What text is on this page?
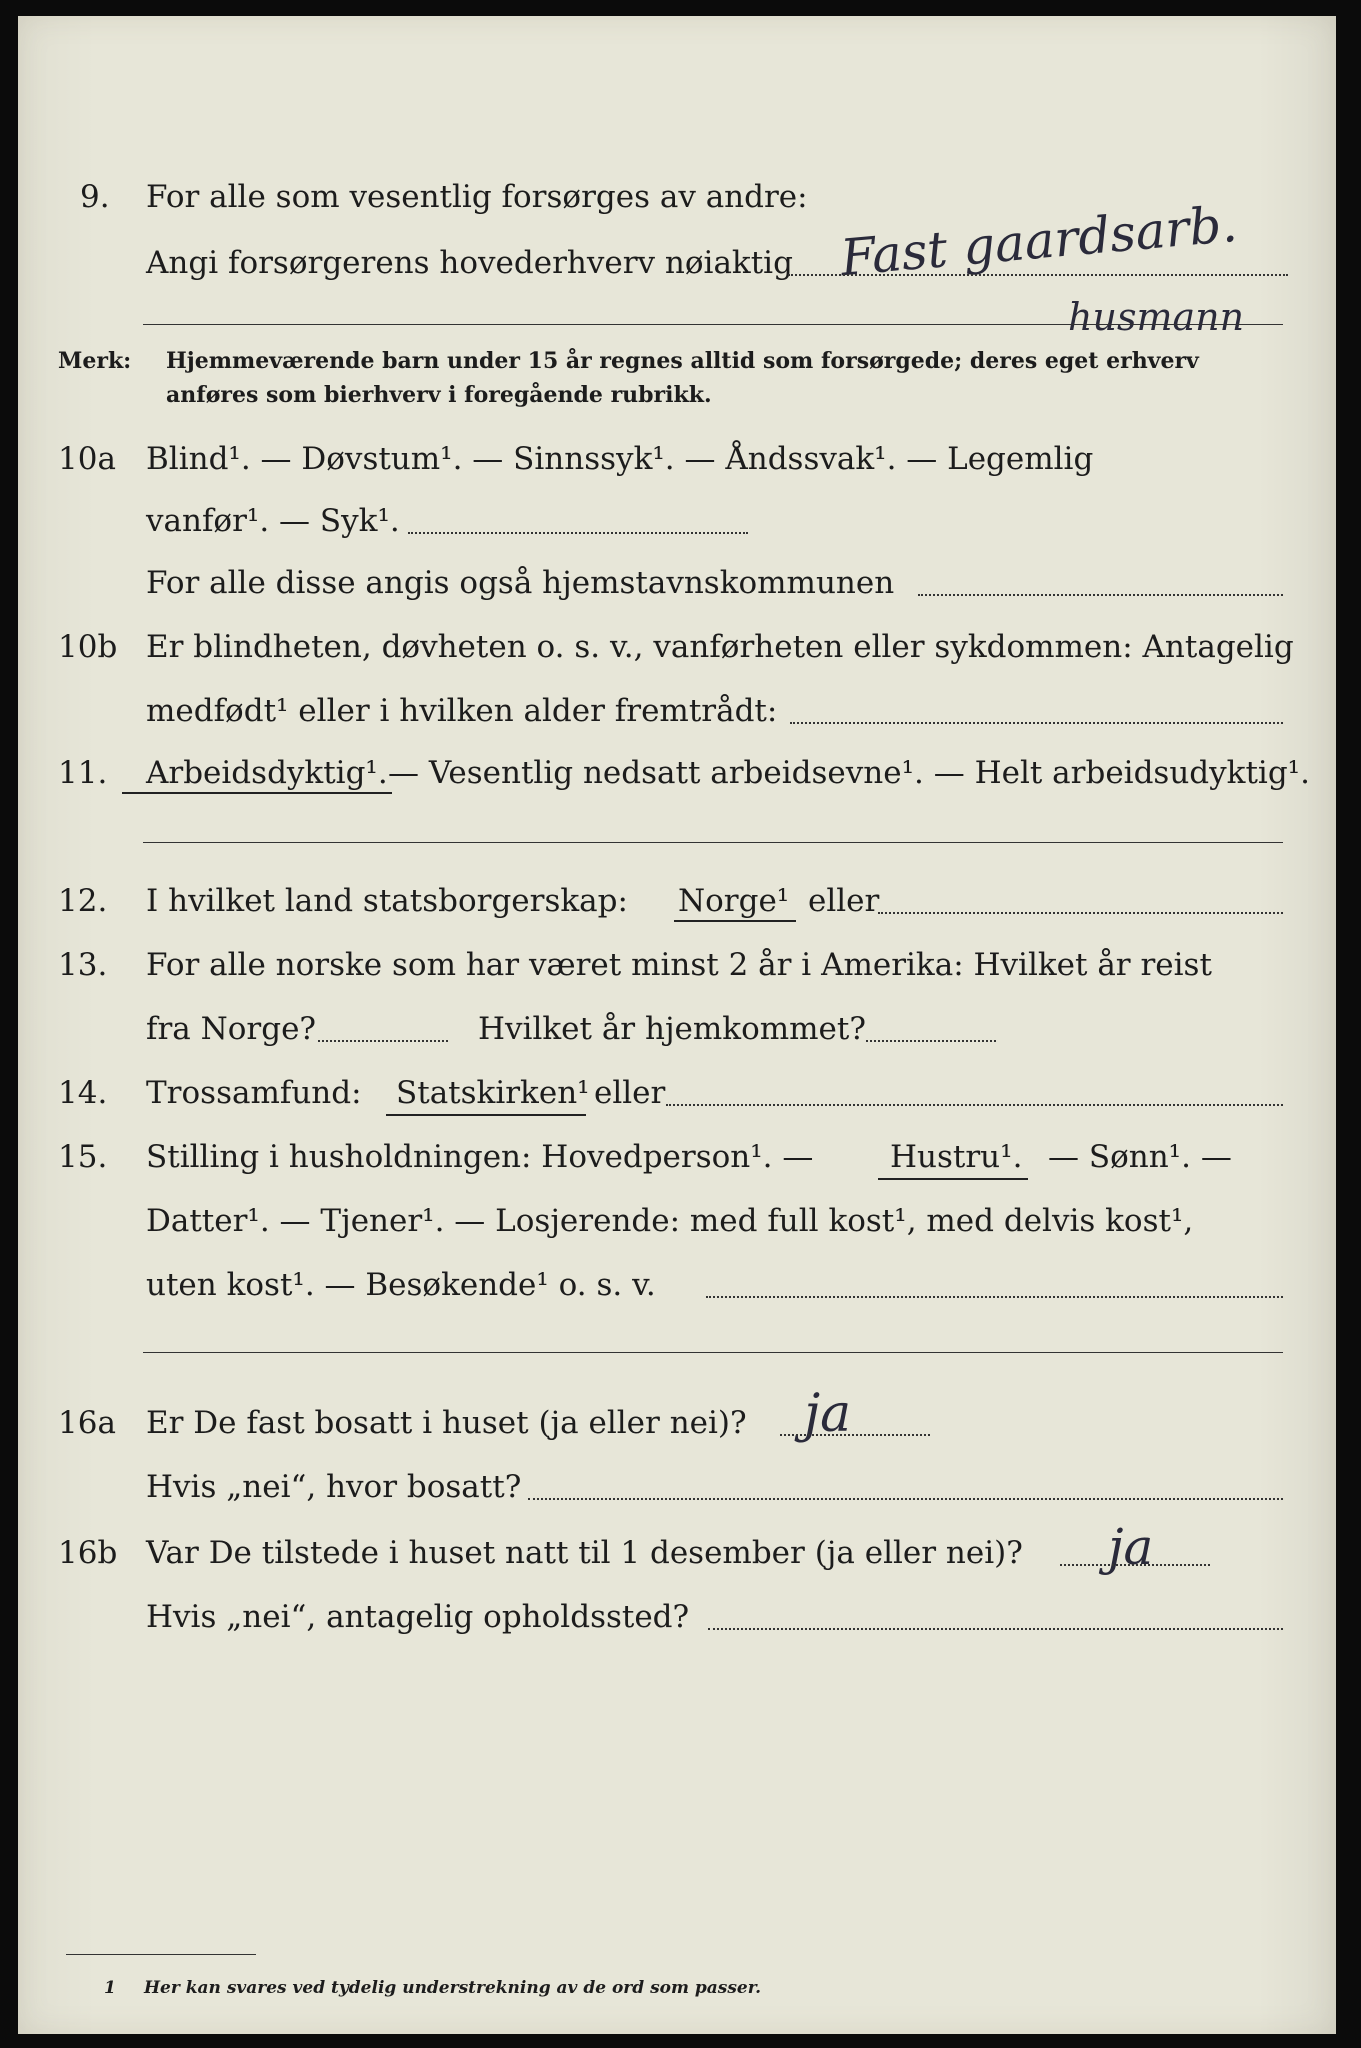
9. For alle som vesentlig forsørges av andre:
Angi forsørgerens hovederhverv nøiaktig Fast gaardsarb.
husmann
Merk: Hjemmeværende barn under 15 år regnes alltid som forsørgede; deres eget erhverv
anføres som bierhverv i foregående rubrikk.
10a Blind¹. — Døvstum¹. — Sinnssyk¹. — Åndssvak¹. — Legemlig
vanfør¹. — Syk¹.
For alle disse angis også hjemstavnskommunen
10b Er blindheten, døvheten o. s. v., vanførheten eller sykdommen: Antagelig
medfødt¹ eller i hvilken alder fremtrådt:
11. Arbeidsdyktig¹. — Vesentlig nedsatt arbeidsevne¹. — Helt arbeidsudyktig¹.
12. I hvilket land statsborgerskap: Norge¹ eller
13. For alle norske som har været minst 2 år i Amerika: Hvilket år reist
fra Norge?	Hvilket år hjemkommet?
14. Trossamfund: Statskirken¹ eller
15. Stilling i husholdningen: Hovedperson¹. — Hustru¹. — Sønn¹. —
Datter¹. — Tjener¹. — Losjerende: med full kost¹, med delvis kost¹,
uten kost¹. — Besøkende¹ o. s. v.
16a Er De fast bosatt i huset (ja eller nei)? ja
Hvis „nei“, hvor bosatt?
16b Var De tilstede i huset natt til 1 desember (ja eller nei)? ja
Hvis „nei“, antagelig opholdssted?
1 Her kan svares ved tydelig understrekning av de ord som passer.
